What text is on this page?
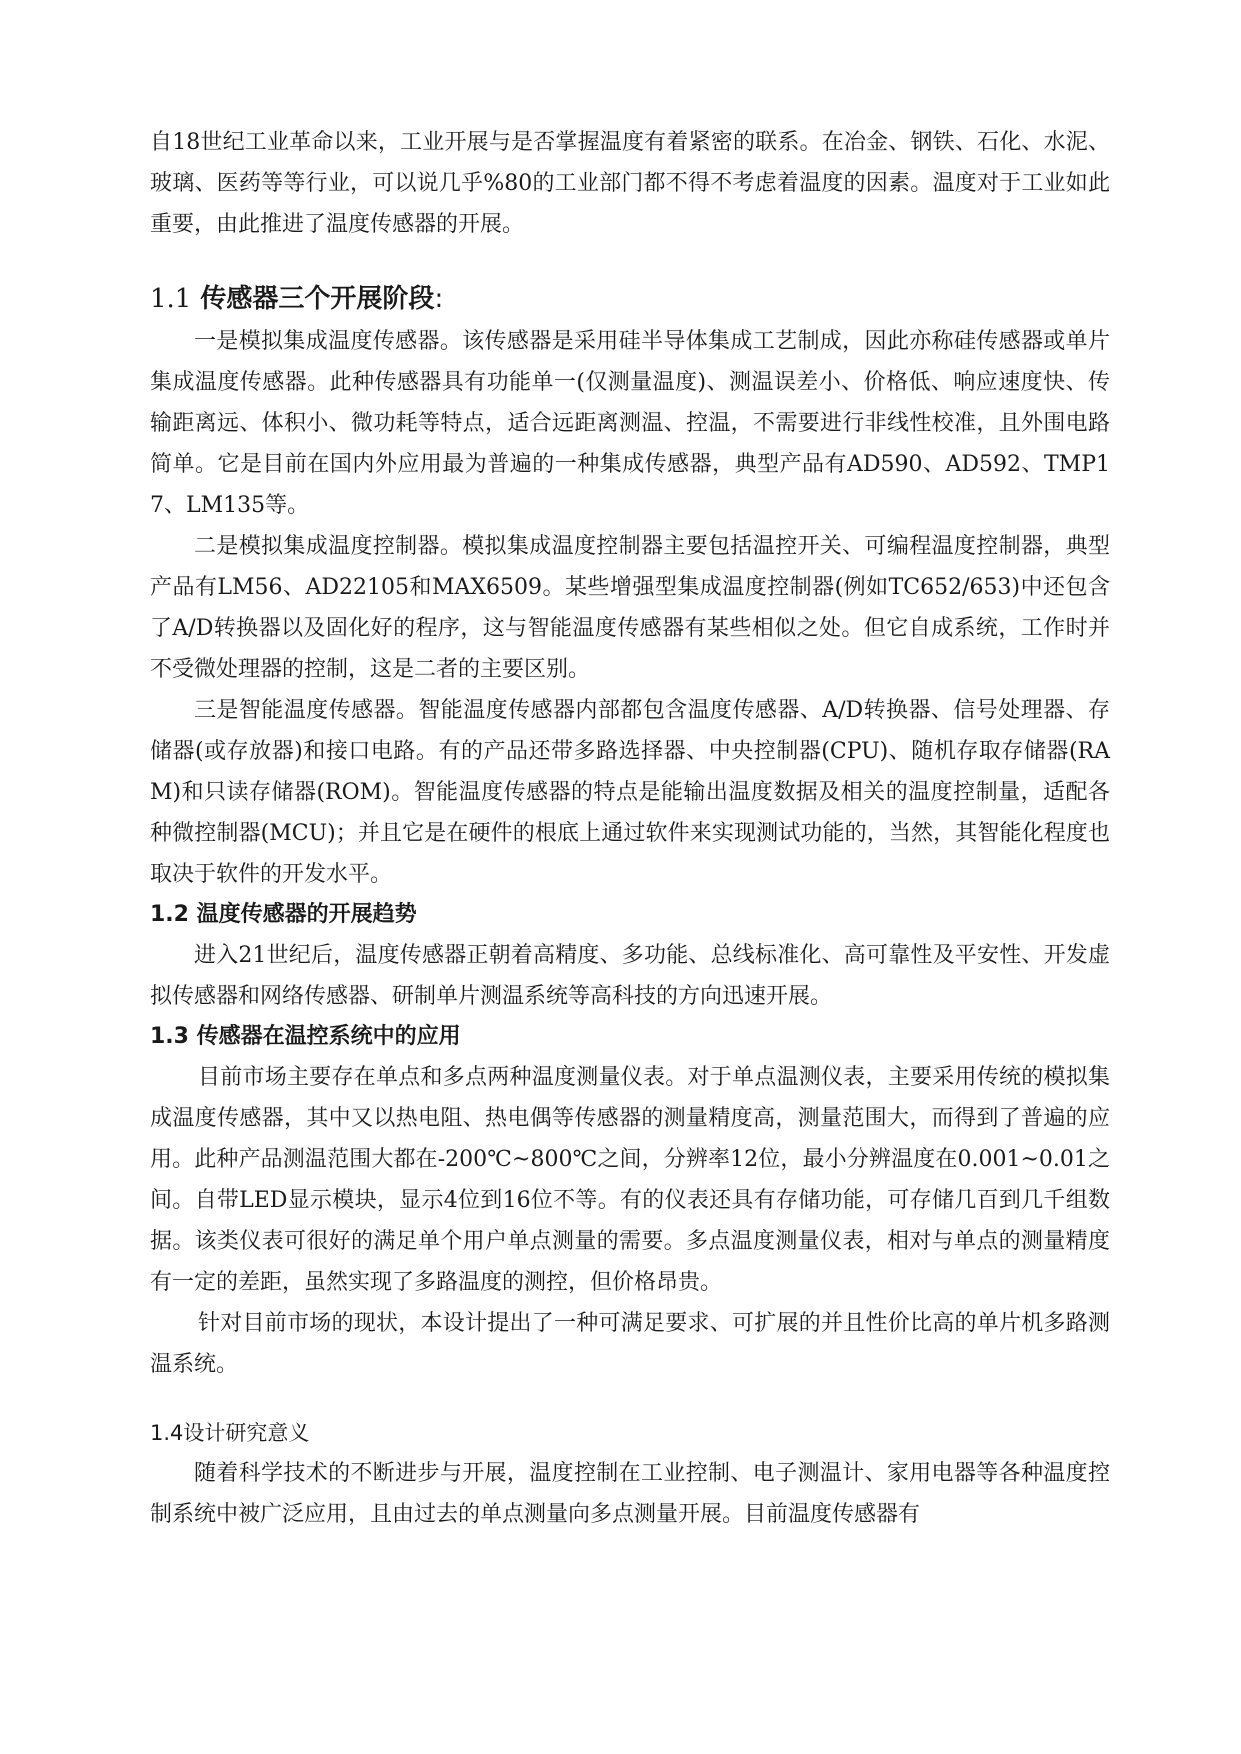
自18世纪工业革命以来，工业开展与是否掌握温度有着紧密的联系。在冶金、钢铁、石化、水泥、玻璃、医药等等行业，可以说几乎%80的工业部门都不得不考虑着温度的因素。温度对于工业如此重要，由此推进了温度传感器的开展。

1.1 传感器三个开展阶段:

一是模拟集成温度传感器。该传感器是采用硅半导体集成工艺制成，因此亦称硅传感器或单片集成温度传感器。此种传感器具有功能单一(仅测量温度)、测温误差小、价格低、响应速度快、传输距离远、体积小、微功耗等特点，适合远距离测温、控温，不需要进行非线性校准，且外围电路简单。它是目前在国内外应用最为普遍的一种集成传感器，典型产品有AD590、AD592、TMP17、LM135等。

二是模拟集成温度控制器。模拟集成温度控制器主要包括温控开关、可编程温度控制器，典型产品有LM56、AD22105和MAX6509。某些增强型集成温度控制器(例如TC652/653)中还包含了A/D转换器以及固化好的程序，这与智能温度传感器有某些相似之处。但它自成系统，工作时并不受微处理器的控制，这是二者的主要区别。

三是智能温度传感器。智能温度传感器内部都包含温度传感器、A/D转换器、信号处理器、存储器(或存放器)和接口电路。有的产品还带多路选择器、中央控制器(CPU)、随机存取存储器(RAM)和只读存储器(ROM)。智能温度传感器的特点是能输出温度数据及相关的温度控制量，适配各种微控制器(MCU)；并且它是在硬件的根底上通过软件来实现测试功能的，当然，其智能化程度也取决于软件的开发水平。

1.2 温度传感器的开展趋势

进入21世纪后，温度传感器正朝着高精度、多功能、总线标准化、高可靠性及平安性、开发虚拟传感器和网络传感器、研制单片测温系统等高科技的方向迅速开展。

1.3 传感器在温控系统中的应用

目前市场主要存在单点和多点两种温度测量仪表。对于单点温测仪表，主要采用传统的模拟集成温度传感器，其中又以热电阻、热电偶等传感器的测量精度高，测量范围大，而得到了普遍的应用。此种产品测温范围大都在-200℃~800℃之间，分辨率12位，最小分辨温度在0.001~0.01之间。自带LED显示模块，显示4位到16位不等。有的仪表还具有存储功能，可存储几百到几千组数据。该类仪表可很好的满足单个用户单点测量的需要。多点温度测量仪表，相对与单点的测量精度有一定的差距，虽然实现了多路温度的测控，但价格昂贵。

针对目前市场的现状，本设计提出了一种可满足要求、可扩展的并且性价比高的单片机多路测温系统。

1.4设计研究意义

随着科学技术的不断进步与开展，温度控制在工业控制、电子测温计、家用电器等各种温度控制系统中被广泛应用，且由过去的单点测量向多点测量开展。目前温度传感器有
